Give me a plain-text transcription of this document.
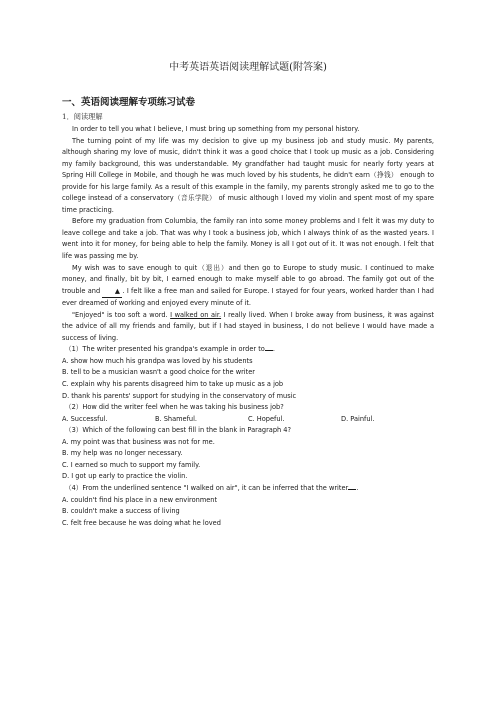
中考英语英语阅读理解试题(附答案)
一、英语阅读理解专项练习试卷
1．阅读理解

In order to tell you what I believe, I must bring up something from my personal history.

The turning point of my life was my decision to give up my business job and study music. My parents, although sharing my love of music, didn't think it was a good choice that I took up music as a job. Considering my family background, this was understandable. My grandfather had taught music for nearly forty years at Spring Hill College in Mobile, and though he was much loved by his students, he didn't earn（挣钱） enough to provide for his large family. As a result of this example in the family, my parents strongly asked me to go to the college instead of a conservatory（音乐学院） of music although I loved my violin and spent most of my spare time practicing.

Before my graduation from Columbia, the family ran into some money problems and I felt it was my duty to leave college and take a job. That was why I took a business job, which I always think of as the wasted years. I went into it for money, for being able to help the family. Money is all I got out of it. It was not enough. I felt that life was passing me by.

My wish was to save enough to quit（退出）and then go to Europe to study music. I continued to make money, and finally, bit by bit, I earned enough to make myself able to go abroad. The family got out of the trouble and ▲ . I felt like a free man and sailed for Europe. I stayed for four years, worked harder than I had ever dreamed of working and enjoyed every minute of it.

"Enjoyed" is too soft a word. I walked on air. I really lived. When I broke away from business, it was against the advice of all my friends and family, but if I had stayed in business, I do not believe I would have made a success of living.

（1）The writer presented his grandpa's example in order to .

A. show how much his grandpa was loved by his students

B. tell to be a musician wasn't a good choice for the writer

C. explain why his parents disagreed him to take up music as a job

D. thank his parents' support for studying in the conservatory of music

（2）How did the writer feel when he was taking his business job?

A. Successful.	B. Shameful.	C. Hopeful.	D. Painful.

（3）Which of the following can best fill in the blank in Paragraph 4?

A. my point was that business was not for me.

B. my help was no longer necessary.

C. I earned so much to support my family.

D. I got up early to practice the violin.

（4）From the underlined sentence "I walked on air", it can be inferred that the writer .

A. couldn't find his place in a new environment

B. couldn't make a success of living

C. felt free because he was doing what he loved
